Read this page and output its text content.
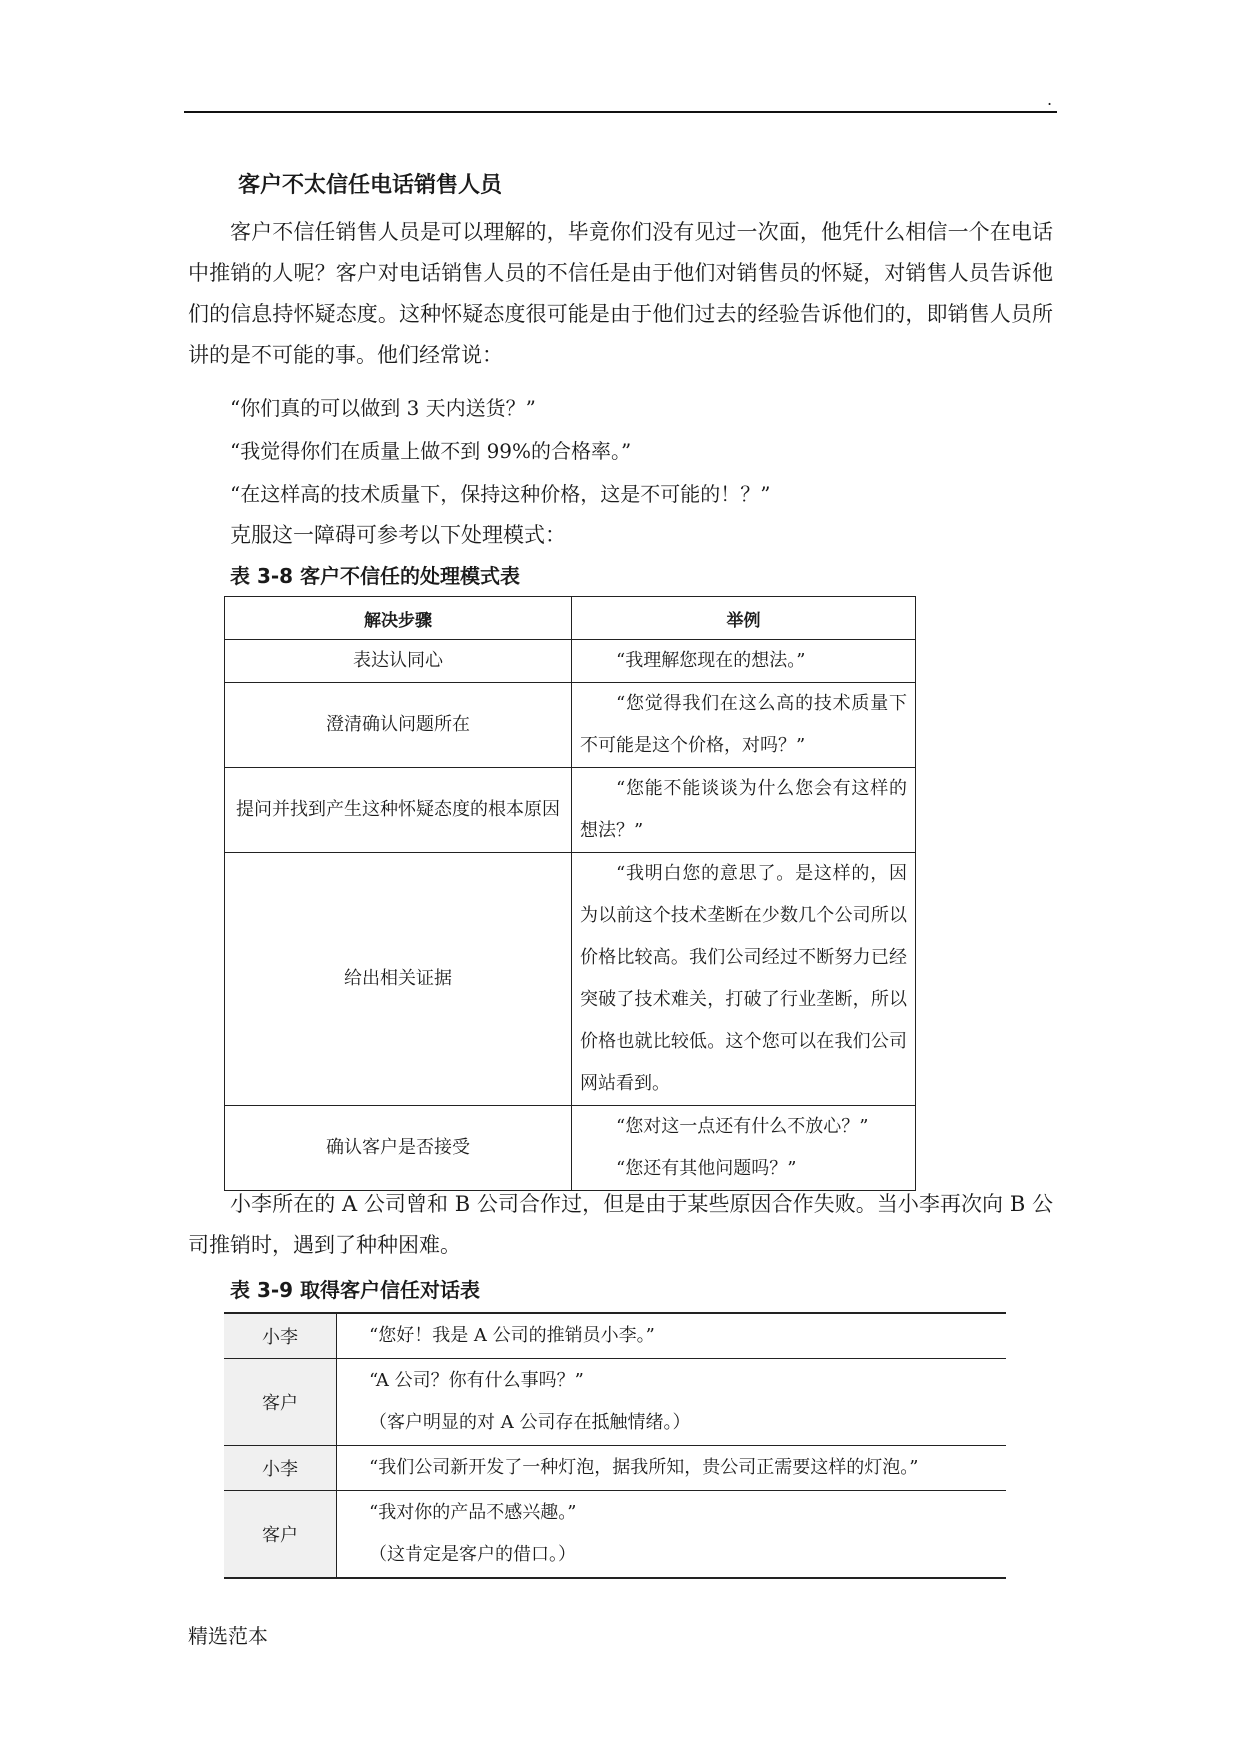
.
客户不太信任电话销售人员

客户不信任销售人员是可以理解的，毕竟你们没有见过一次面，他凭什么相信一个在电话中推销的人呢？客户对电话销售人员的不信任是由于他们对销售员的怀疑，对销售人员告诉他们的信息持怀疑态度。这种怀疑态度很可能是由于他们过去的经验告诉他们的，即销售人员所讲的是不可能的事。他们经常说：

“你们真的可以做到 3 天内送货？”
“我觉得你们在质量上做不到 99%的合格率。”
“在这样高的技术质量下，保持这种价格，这是不可能的！？”
克服这一障碍可参考以下处理模式：
表 3-8 客户不信任的处理模式表
解决步骤	举例
表达认同心	“我理解您现在的想法。”

澄清确认问题所在	“您觉得我们在这么高的技术质量下不可能是这个价格，对吗？”

提问并找到产生这种怀疑态度的根本原因	“您能不能谈谈为什么您会有这样的想法？”

给出相关证据	“我明白您的意思了。是这样的，因为以前这个技术垄断在少数几个公司所以价格比较高。我们公司经过不断努力已经突破了技术难关，打破了行业垄断，所以价格也就比较低。这个您可以在我们公司网站看到。

确认客户是否接受	“您对这一点还有什么不放心？”
“您还有其他问题吗？”

小李所在的 A 公司曾和 B 公司合作过，但是由于某些原因合作失败。当小李再次向 B 公司推销时，遇到了种种困难。

表 3-9 取得客户信任对话表
小李	“您好！我是 A 公司的推销员小李。”

客户	“A 公司？你有什么事吗？”
（客户明显的对 A 公司存在抵触情绪。）

小李	“我们公司新开发了一种灯泡，据我所知，贵公司正需要这样的灯泡。”

客户	“我对你的产品不感兴趣。”
（这肯定是客户的借口。）
精选范本
